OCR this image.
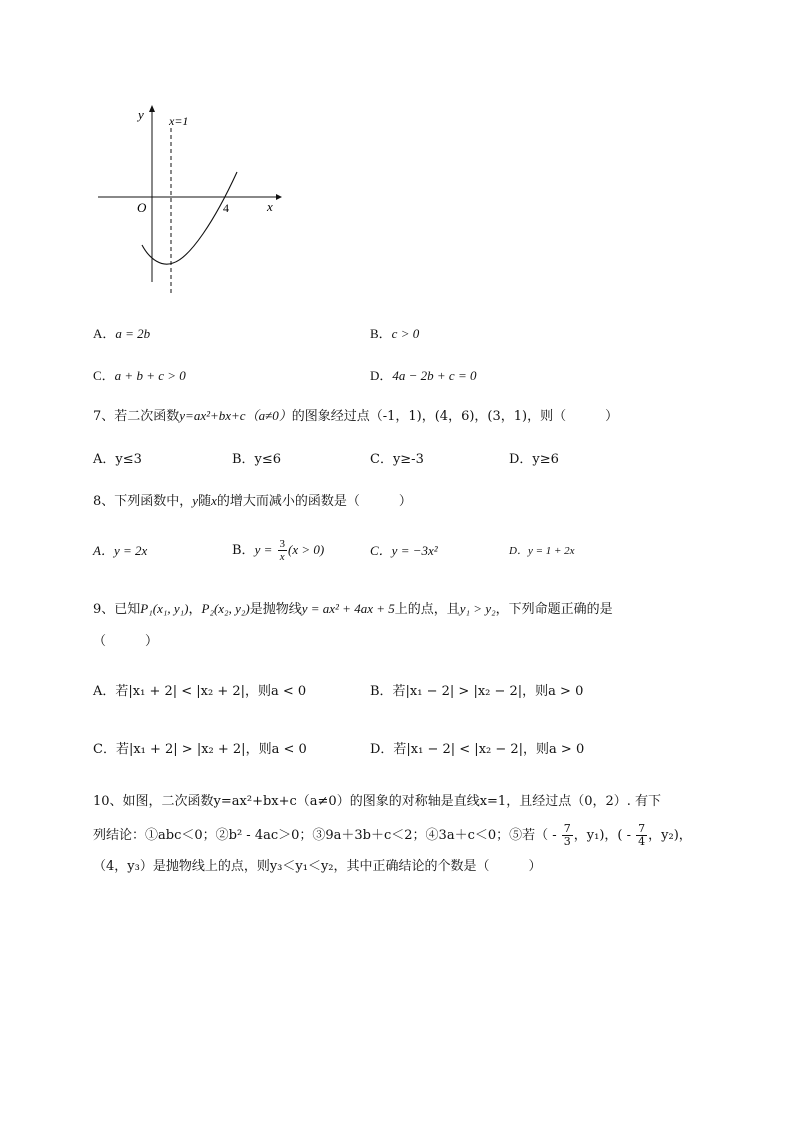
y
x
O
x=1
4
A．a = 2b	B．c > 0
C．a + b + c > 0	D．4a − 2b + c = 0
7、若二次函数y=ax²+bx+c（a≠0）的图象经过点（-1，1)，(4，6)，(3，1)，则（　　　）
A．y≤3	B．y≤6	C．y≥-3	D．y≥6
8、下列函数中，y随x的增大而减小的函数是（　　　）
A．y = 2x	B．$y = \frac{3}{x} (x > 0)$	C．y = −3x²	D．y = 1 + 2x
9、已知P₁(x₁, y₁)，P₂(x₂, y₂)是抛物线y = ax² + 4ax + 5上的点，且y₁ > y₂，下列命题正确的是
（　　　）
A．若|x₁ + 2| < |x₂ + 2|，则a < 0	B．若|x₁ − 2| > |x₂ − 2|，则a > 0
C．若|x₁ + 2| > |x₂ + 2|，则a < 0	D．若|x₁ − 2| < |x₂ − 2|，则a > 0
10、如图，二次函数y=ax²+bx+c（a≠0）的图象的对称轴是直线x=1，且经过点（0，2）. 有下
列结论：①abc＜0；②b² - 4ac＞0；③9a＋3b＋c＜2；④3a＋c＜0；⑤若（ - $\frac{7}{3}$ ，y₁)，( - $\frac{7}{4}$ ，y₂)，
（4，y₃）是抛物线上的点，则y₃＜y₁＜y₂，其中正确结论的个数是（　　　）
